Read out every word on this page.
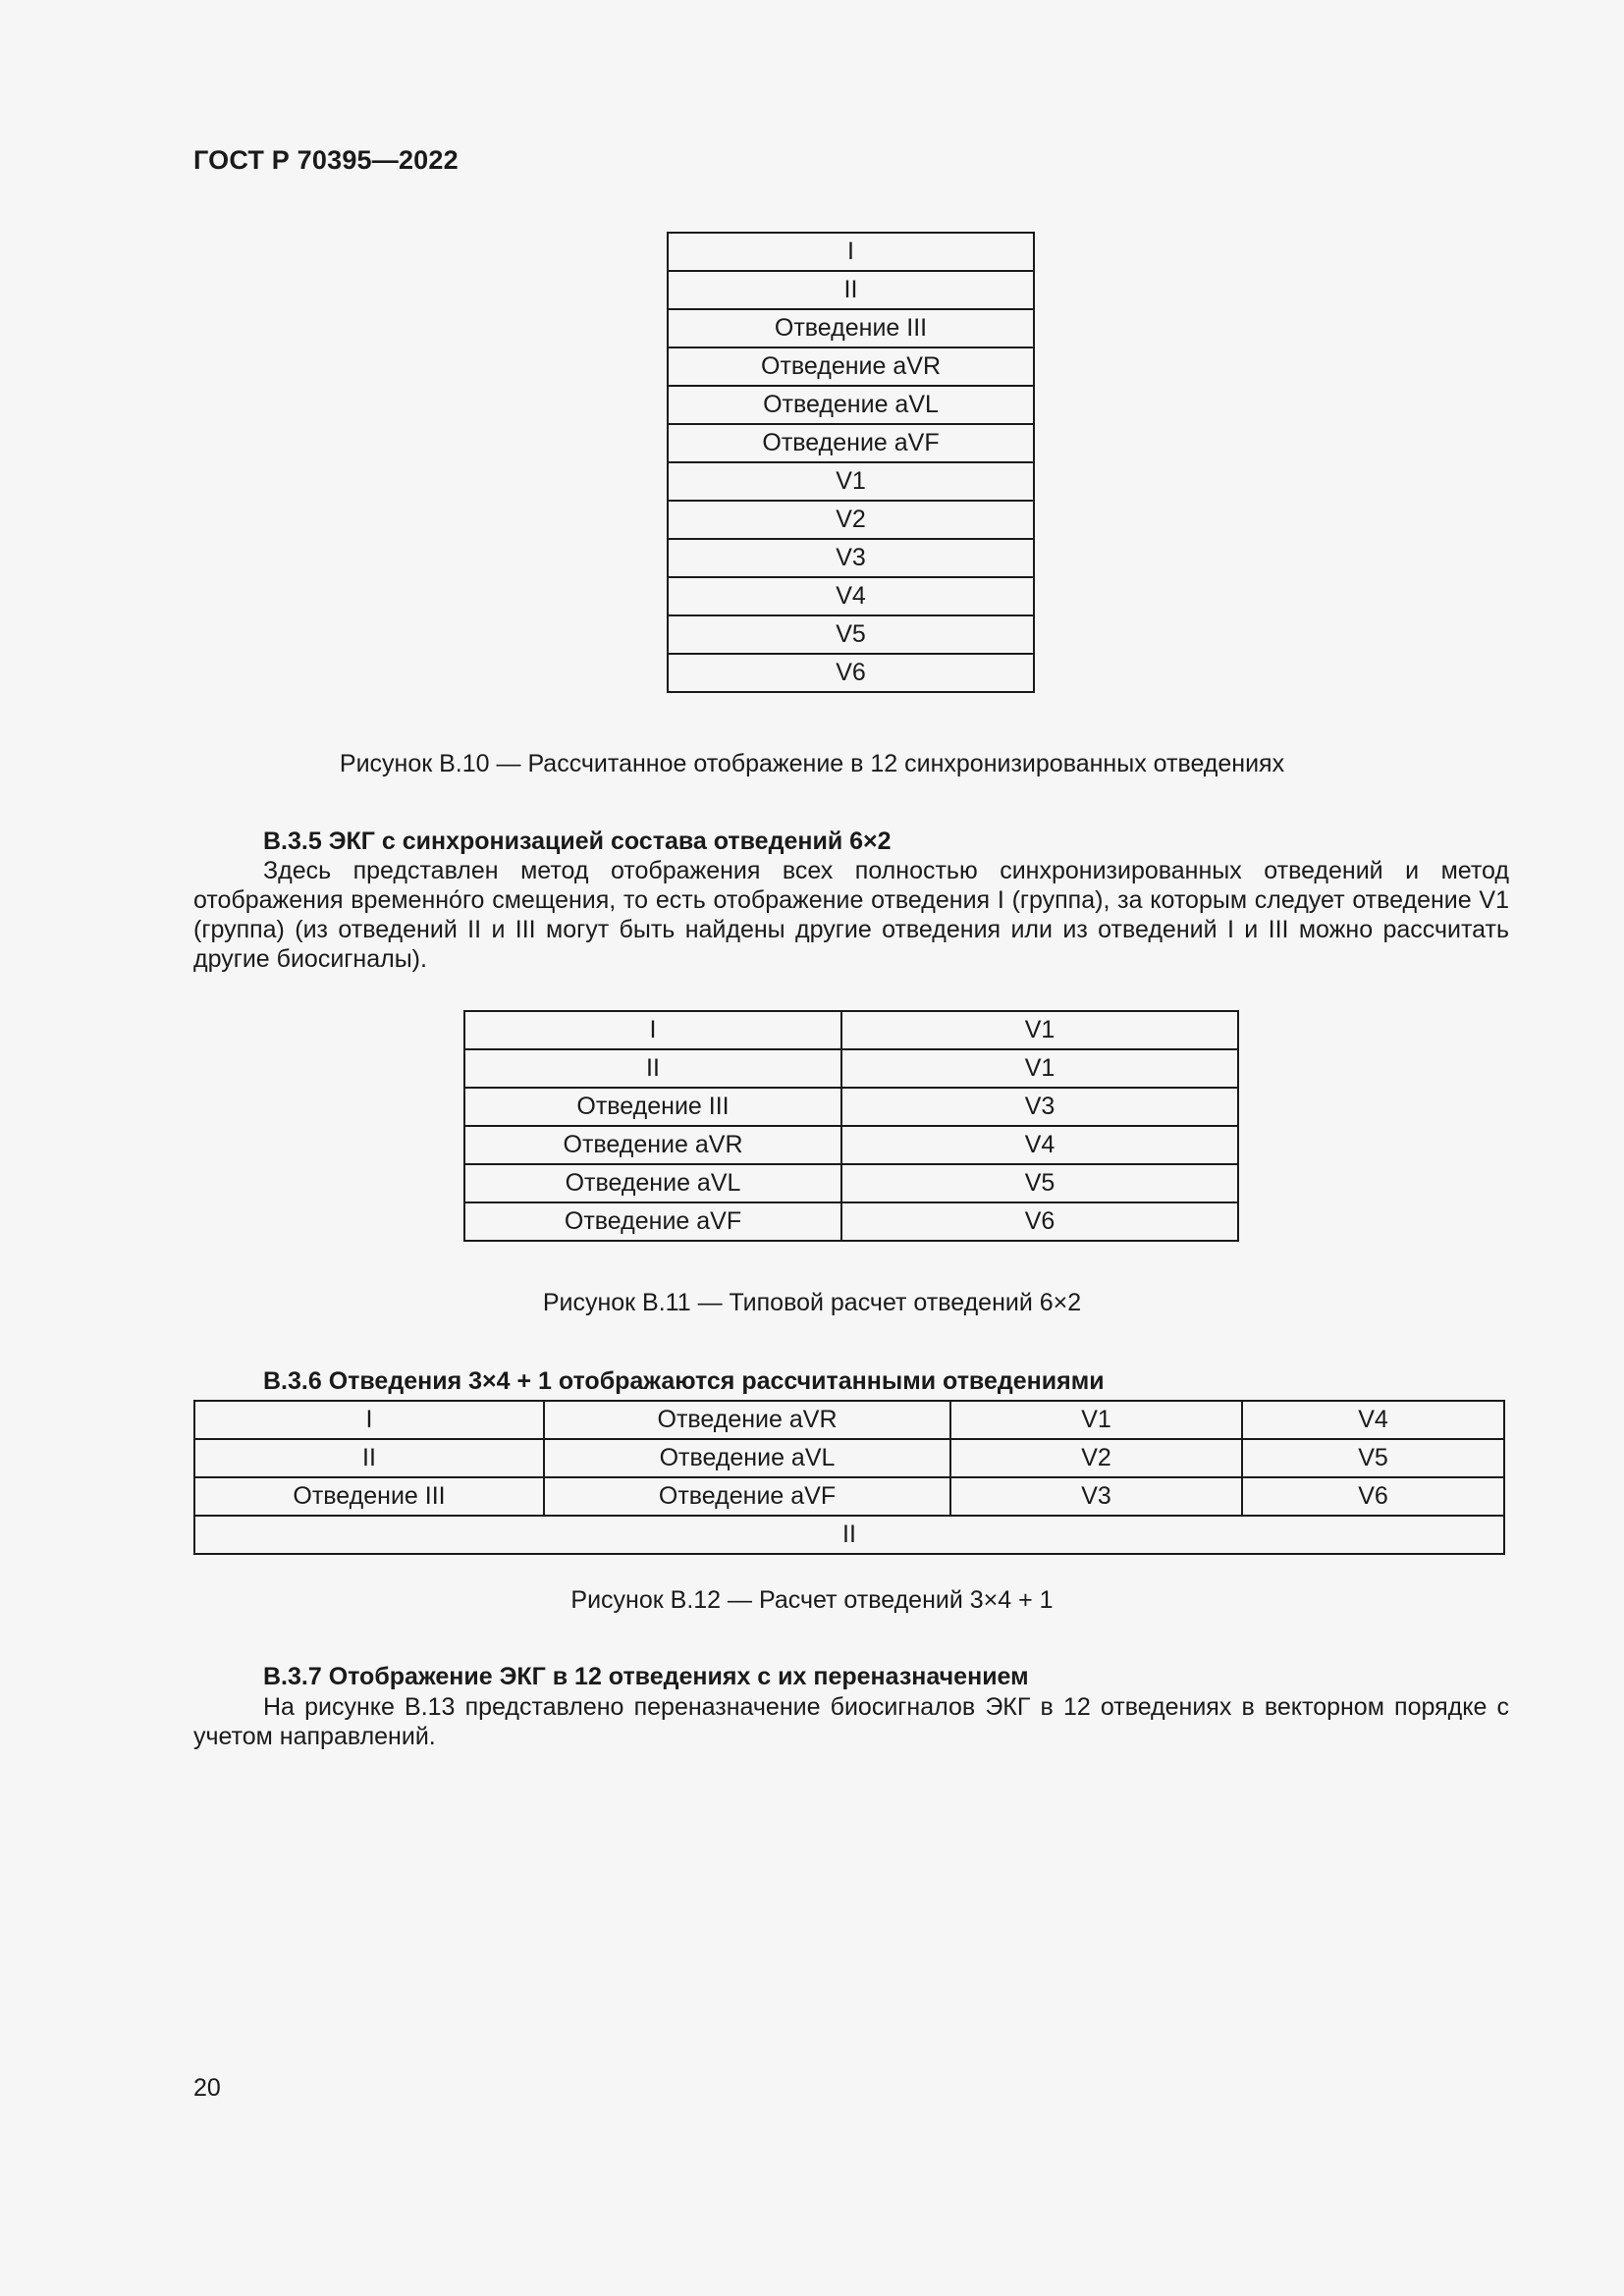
ГОСТ Р 70395—2022
I
II
Отведение III
Отведение aVR
Отведение aVL
Отведение aVF
V1
V2
V3
V4
V5
V6
Рисунок В.10 — Рассчитанное отображение в 12 синхронизированных отведениях
В.3.5 ЭКГ с синхронизацией состава отведений 6×2
Здесь представлен метод отображения всех полностью синхронизированных отведений и метод отображения временно́го смещения, то есть отображение отведения I (группа), за которым следует отведение V1 (группа) (из отведений II и III могут быть найдены другие отведения или из отведений I и III можно рассчитать другие биосигналы).
I	V1
II	V1
Отведение III	V3
Отведение aVR	V4
Отведение aVL	V5
Отведение aVF	V6
Рисунок В.11 — Типовой расчет отведений 6×2
В.3.6 Отведения 3×4 + 1 отображаются рассчитанными отведениями
I	Отведение aVR	V1	V4
II	Отведение aVL	V2	V5
Отведение III	Отведение aVF	V3	V6
II			
Рисунок В.12 — Расчет отведений 3×4 + 1
В.3.7 Отображение ЭКГ в 12 отведениях с их переназначением
На рисунке В.13 представлено переназначение биосигналов ЭКГ в 12 отведениях в векторном порядке с учетом направлений.
20
